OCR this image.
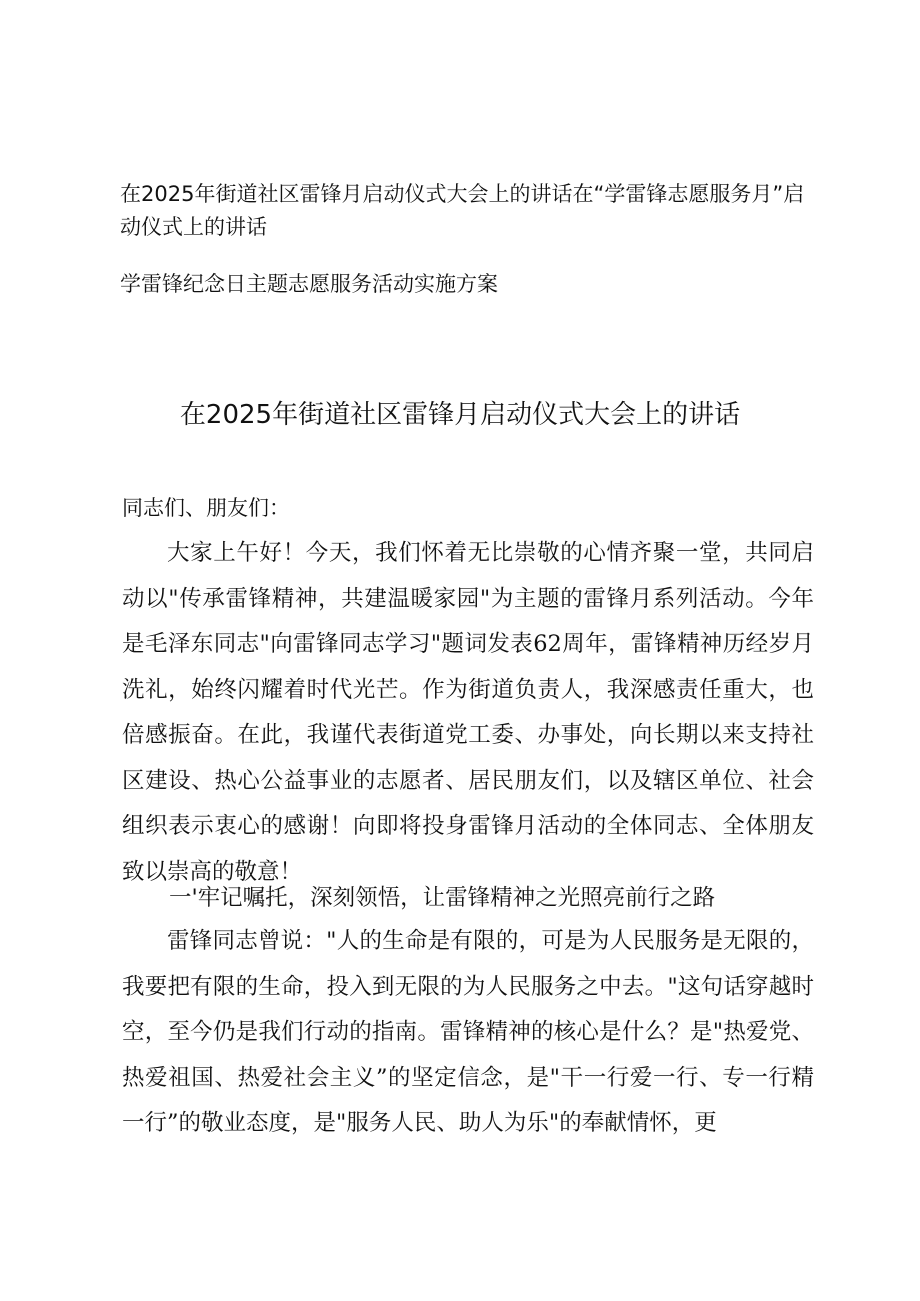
在2025年街道社区雷锋月启动仪式大会上的讲话在“学雷锋志愿服务月”启动仪式上的讲话
学雷锋纪念日主题志愿服务活动实施方案
在2025年街道社区雷锋月启动仪式大会上的讲话
同志们、朋友们：

大家上午好！今天，我们怀着无比崇敬的心情齐聚一堂，共同启动以"传承雷锋精神，共建温暖家园"为主题的雷锋月系列活动。今年是毛泽东同志"向雷锋同志学习"题词发表62周年，雷锋精神历经岁月洗礼，始终闪耀着时代光芒。作为街道负责人，我深感责任重大，也倍感振奋。在此，我谨代表街道党工委、办事处，向长期以来支持社区建设、热心公益事业的志愿者、居民朋友们，以及辖区单位、社会组织表示衷心的感谢！向即将投身雷锋月活动的全体同志、全体朋友致以崇高的敬意！

一'牢记嘱托，深刻领悟，让雷锋精神之光照亮前行之路

雷锋同志曾说："人的生命是有限的，可是为人民服务是无限的，我要把有限的生命，投入到无限的为人民服务之中去。"这句话穿越时空，至今仍是我们行动的指南。雷锋精神的核心是什么？是"热爱党、热爱祖国、热爱社会主义”的坚定信念，是"干一行爱一行、专一行精一行”的敬业态度，是"服务人民、助人为乐"的奉献情怀，更
